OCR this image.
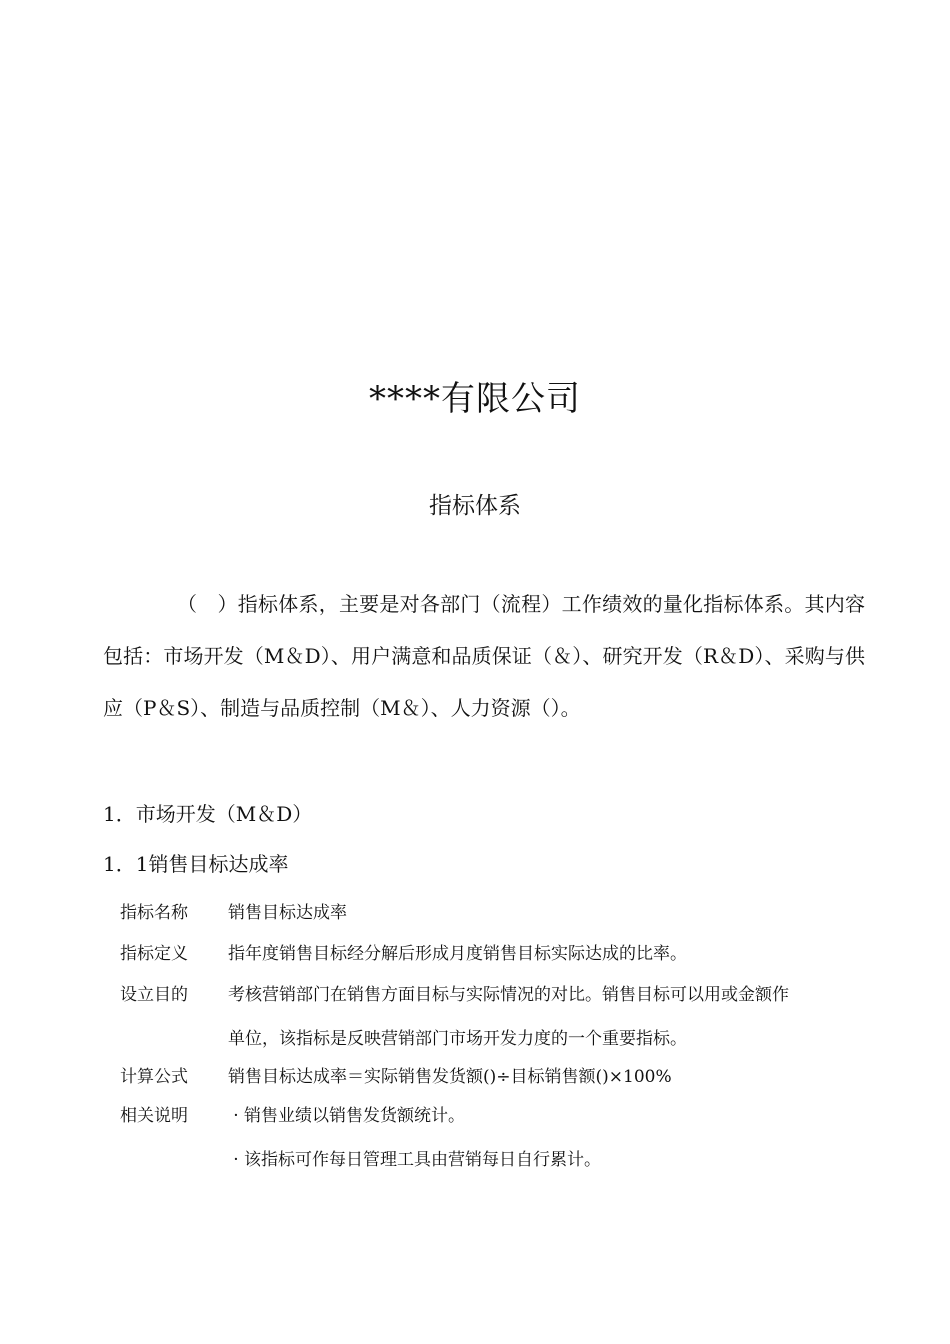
****有限公司
指标体系
（　）指标体系，主要是对各部门（流程）工作绩效的量化指标体系。其内容包括：市场开发（M＆D）、用户满意和品质保证（＆）、研究开发（R＆D）、采购与供应（P＆S）、制造与品质控制（M＆）、人力资源（）。
1．市场开发（M＆D）
1．1销售目标达成率
指标名称	销售目标达成率
指标定义	指年度销售目标经分解后形成月度销售目标实际达成的比率。
设立目的	考核营销部门在销售方面目标与实际情况的对比。销售目标可以用或金额作
单位，该指标是反映营销部门市场开发力度的一个重要指标。
计算公式	销售目标达成率＝实际销售发货额()÷目标销售额()×100%
相关说明	· 销售业绩以销售发货额统计。
· 该指标可作每日管理工具由营销每日自行累计。
